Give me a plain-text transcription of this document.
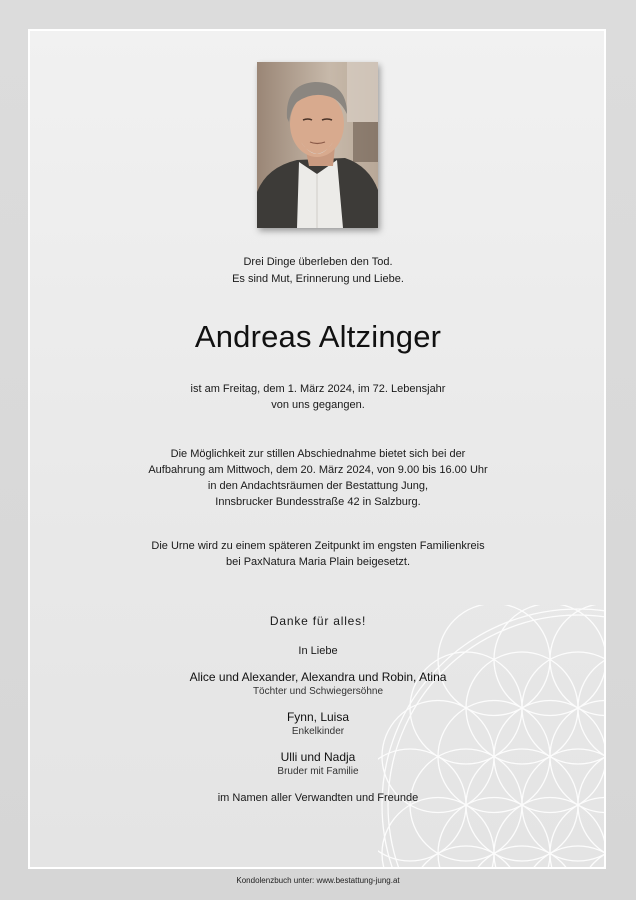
Drei Dinge überleben den Tod.
Es sind Mut, Erinnerung und Liebe.
Andreas Altzinger
ist am Freitag, dem 1. März 2024, im 72. Lebensjahr
von uns gegangen.
Die Möglichkeit zur stillen Abschiednahme bietet sich bei der
Aufbahrung am Mittwoch, dem 20. März 2024, von 9.00 bis 16.00 Uhr
in den Andachtsräumen der Bestattung Jung,
Innsbrucker Bundesstraße 42 in Salzburg.
Die Urne wird zu einem späteren Zeitpunkt im engsten Familienkreis
bei PaxNatura Maria Plain beigesetzt.
Danke für alles!
In Liebe
Alice und Alexander, Alexandra und Robin, Atina
Töchter und Schwiegersöhne
Fynn, Luisa
Enkelkinder
Ulli und Nadja
Bruder mit Familie
im Namen aller Verwandten und Freunde
Kondolenzbuch unter: www.bestattung-jung.at
